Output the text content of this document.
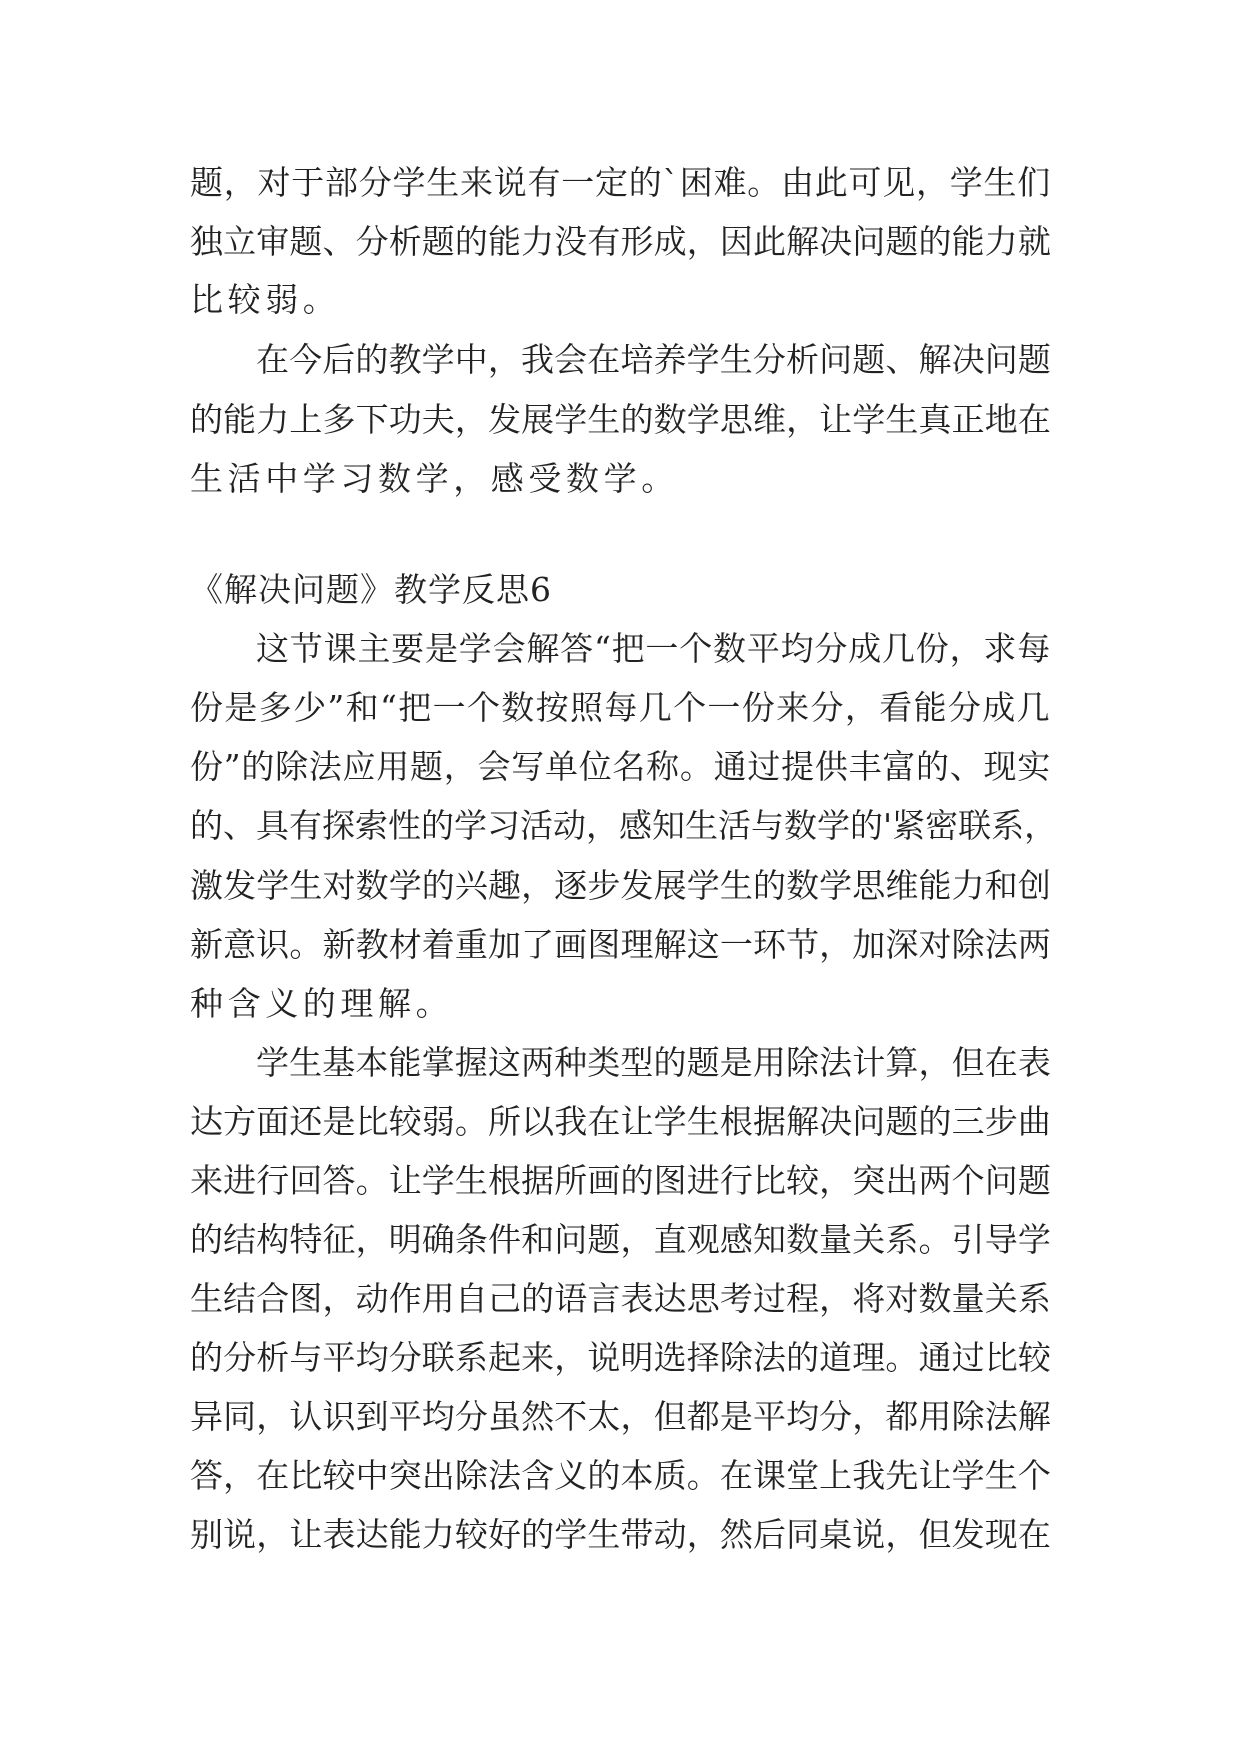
题，对于部分学生来说有一定的`困难。由此可见，学生们
独立审题、分析题的能力没有形成，因此解决问题的能力就
比较弱。
在今后的教学中，我会在培养学生分析问题、解决问题
的能力上多下功夫，发展学生的数学思维，让学生真正地在
生活中学习数学，感受数学。
《解决问题》教学反思6
这节课主要是学会解答“把一个数平均分成几份，求每
份是多少”和“把一个数按照每几个一份来分，看能分成几
份”的除法应用题，会写单位名称。通过提供丰富的、现实
的、具有探索性的学习活动，感知生活与数学的'紧密联系，
激发学生对数学的兴趣，逐步发展学生的数学思维能力和创
新意识。新教材着重加了画图理解这一环节，加深对除法两
种含义的理解。
学生基本能掌握这两种类型的题是用除法计算，但在表
达方面还是比较弱。所以我在让学生根据解决问题的三步曲
来进行回答。让学生根据所画的图进行比较，突出两个问题
的结构特征，明确条件和问题，直观感知数量关系。引导学
生结合图，动作用自己的语言表达思考过程，将对数量关系
的分析与平均分联系起来，说明选择除法的道理。通过比较
异同，认识到平均分虽然不太，但都是平均分，都用除法解
答，在比较中突出除法含义的本质。在课堂上我先让学生个
别说，让表达能力较好的学生带动，然后同桌说，但发现在
